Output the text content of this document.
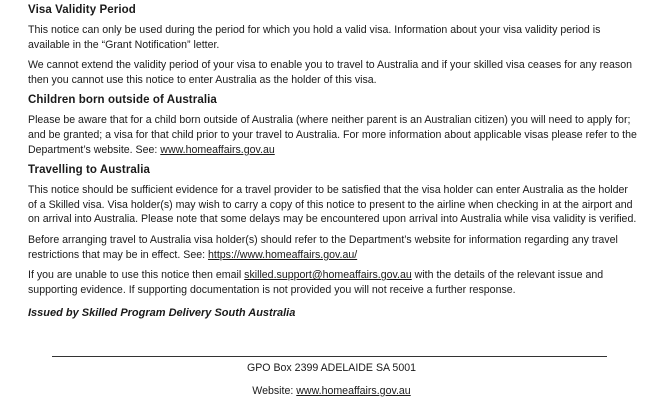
Visa Validity Period

This notice can only be used during the period for which you hold a valid visa. Information about your visa validity period is available in the “Grant Notification” letter.

We cannot extend the validity period of your visa to enable you to travel to Australia and if your skilled visa ceases for any reason then you cannot use this notice to enter Australia as the holder of this visa.

Children born outside of Australia

Please be aware that for a child born outside of Australia (where neither parent is an Australian citizen) you will need to apply for; and be granted; a visa for that child prior to your travel to Australia. For more information about applicable visas please refer to the Department’s website. See: www.homeaffairs.gov.au

Travelling to Australia

This notice should be sufficient evidence for a travel provider to be satisfied that the visa holder can enter Australia as the holder of a Skilled visa. Visa holder(s) may wish to carry a copy of this notice to present to the airline when checking in at the airport and on arrival into Australia. Please note that some delays may be encountered upon arrival into Australia while visa validity is verified.

Before arranging travel to Australia visa holder(s) should refer to the Department’s website for information regarding any travel restrictions that may be in effect. See: https://www.homeaffairs.gov.au/

If you are unable to use this notice then email skilled.support@homeaffairs.gov.au with the details of the relevant issue and supporting evidence. If supporting documentation is not provided you will not receive a further response.

Issued by Skilled Program Delivery South Australia
GPO Box 2399 ADELAIDE SA 5001
Website: www.homeaffairs.gov.au
